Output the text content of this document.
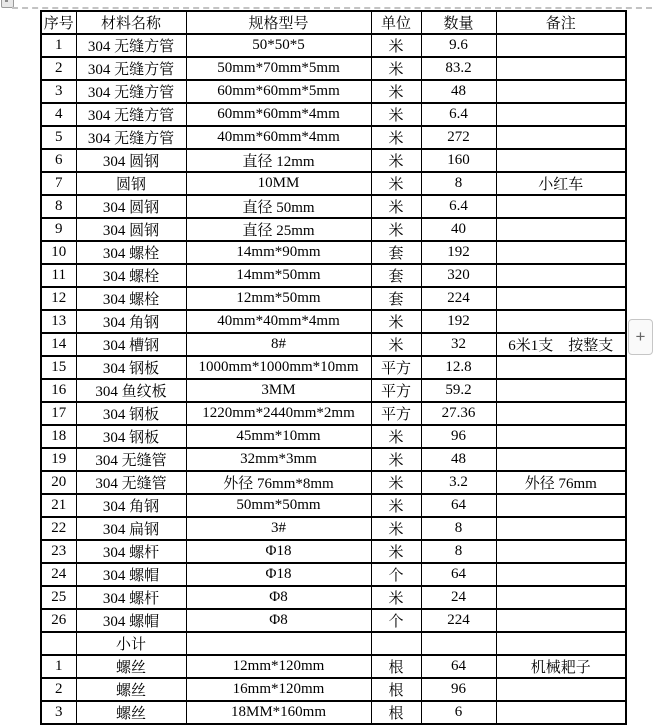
序号	材料名称	规格型号	单位	数量	备注
1	304 无缝方管	50*50*5	米	9.6	
2	304 无缝方管	50mm*70mm*5mm	米	83.2	
3	304 无缝方管	60mm*60mm*5mm	米	48	
4	304 无缝方管	60mm*60mm*4mm	米	6.4	
5	304 无缝方管	40mm*60mm*4mm	米	272	
6	304 圆钢	直径 12mm	米	160	
7	圆钢	10MM	米	8	小红车
8	304 圆钢	直径 50mm	米	6.4	
9	304 圆钢	直径 25mm	米	40	
10	304 螺栓	14mm*90mm	套	192	
11	304 螺栓	14mm*50mm	套	320	
12	304 螺栓	12mm*50mm	套	224	
13	304 角钢	40mm*40mm*4mm	米	192	
14	304 槽钢	8#	米	32	6米1支　按整支
15	304 钢板	1000mm*1000mm*10mm	平方	12.8	
16	304 鱼纹板	3MM	平方	59.2	
17	304 钢板	1220mm*2440mm*2mm	平方	27.36	
18	304 钢板	45mm*10mm	米	96	
19	304 无缝管	32mm*3mm	米	48	
20	304 无缝管	外径 76mm*8mm	米	3.2	外径 76mm
21	304 角钢	50mm*50mm	米	64	
22	304 扁钢	3#	米	8	
23	304 螺杆	Φ18	米	8	
24	304 螺帽	Φ18	个	64	
25	304 螺杆	Φ8	米	24	
26	304 螺帽	Φ8	个	224	
	小计				
1	螺丝	12mm*120mm	根	64	机械耙子
2	螺丝	16mm*120mm	根	96	
3	螺丝	18MM*160mm	根	6	
+
